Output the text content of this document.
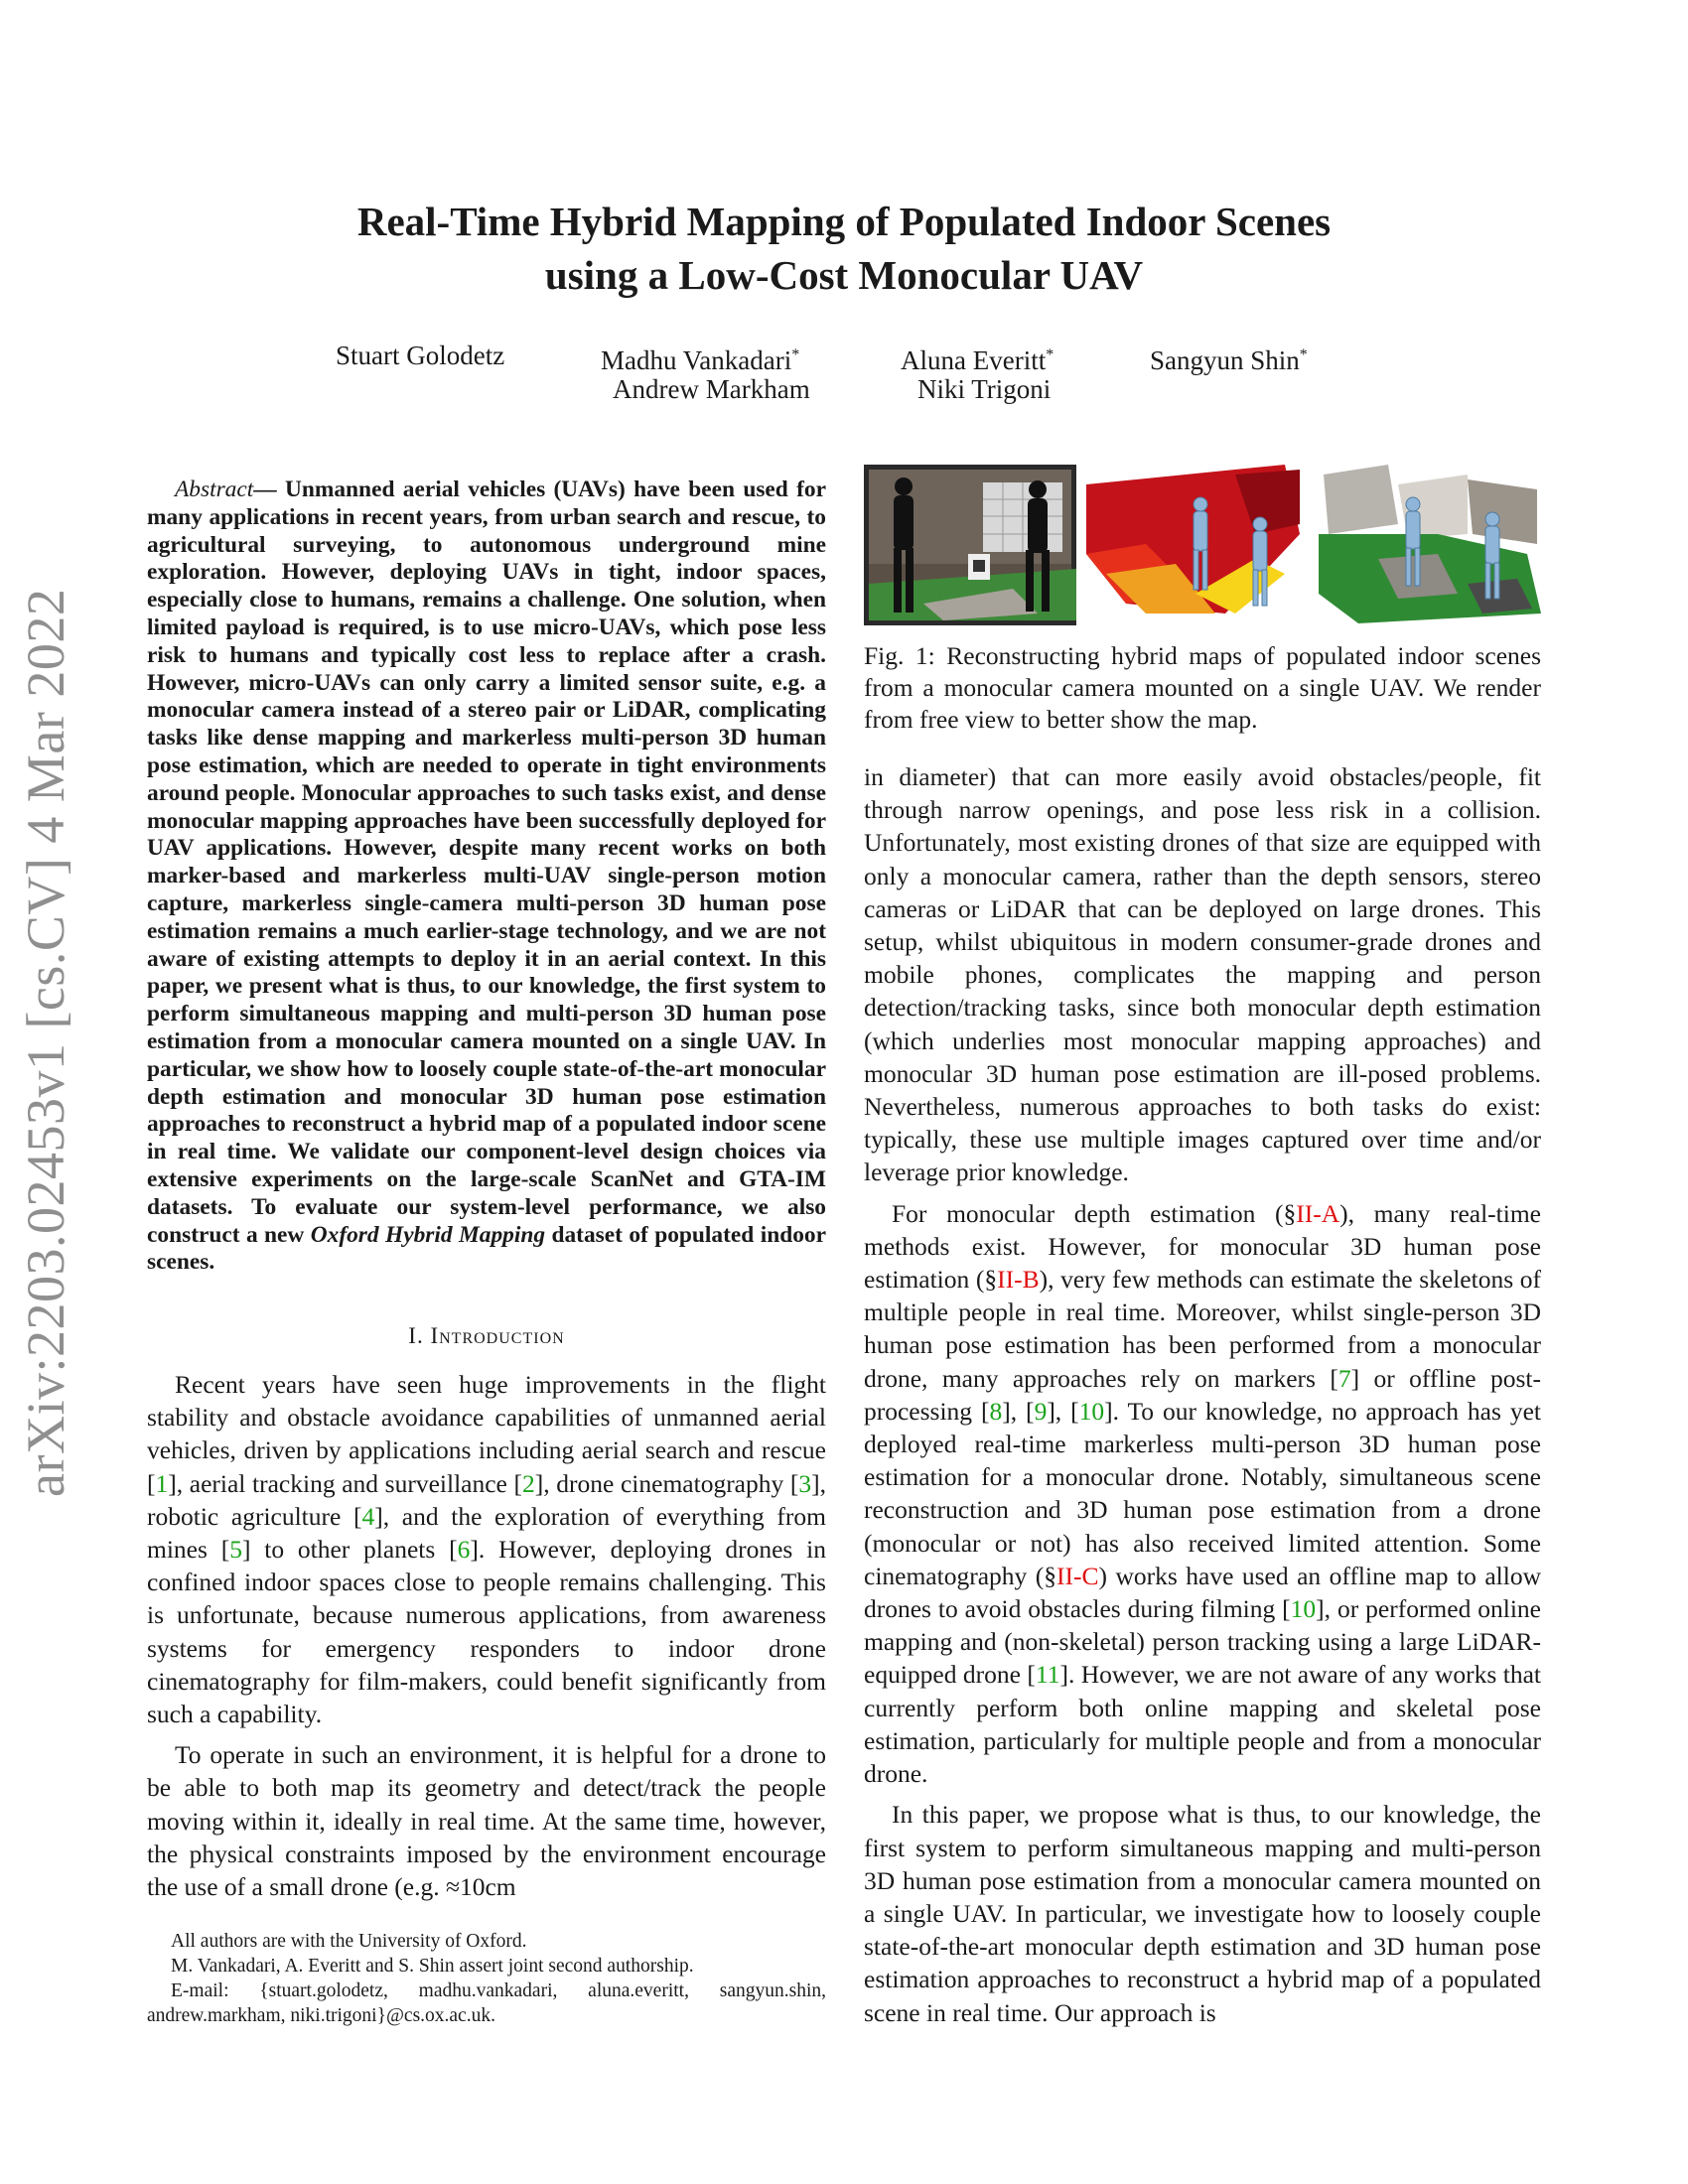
arXiv:2203.02453v1 [cs.CV] 4 Mar 2022
Real-Time Hybrid Mapping of Populated Indoor Scenes
using a Low-Cost Monocular UAV
Stuart Golodetz	Madhu Vankadari*	Aluna Everitt*	Sangyun Shin*
Andrew Markham	Niki Trigoni
Abstract— Unmanned aerial vehicles (UAVs) have been used for many applications in recent years, from urban search and rescue, to agricultural surveying, to autonomous underground mine exploration. However, deploying UAVs in tight, indoor spaces, especially close to humans, remains a challenge. One solution, when limited payload is required, is to use micro-UAVs, which pose less risk to humans and typically cost less to replace after a crash. However, micro-UAVs can only carry a limited sensor suite, e.g. a monocular camera instead of a stereo pair or LiDAR, complicating tasks like dense mapping and markerless multi-person 3D human pose estimation, which are needed to operate in tight environments around people. Monocular approaches to such tasks exist, and dense monocular mapping approaches have been successfully deployed for UAV applications. However, despite many recent works on both marker-based and markerless multi-UAV single-person motion capture, markerless single-camera multi-person 3D human pose estimation remains a much earlier-stage technology, and we are not aware of existing attempts to deploy it in an aerial context. In this paper, we present what is thus, to our knowledge, the first system to perform simultaneous mapping and multi-person 3D human pose estimation from a monocular camera mounted on a single UAV. In particular, we show how to loosely couple state-of-the-art monocular depth estimation and monocular 3D human pose estimation approaches to reconstruct a hybrid map of a populated indoor scene in real time. We validate our component-level design choices via extensive experiments on the large-scale ScanNet and GTA-IM datasets. To evaluate our system-level performance, we also construct a new Oxford Hybrid Mapping dataset of populated indoor scenes.
I. Introduction

Recent years have seen huge improvements in the flight stability and obstacle avoidance capabilities of unmanned aerial vehicles, driven by applications including aerial search and rescue [1], aerial tracking and surveillance [2], drone cinematography [3], robotic agriculture [4], and the exploration of everything from mines [5] to other planets [6]. However, deploying drones in confined indoor spaces close to people remains challenging. This is unfortunate, because numerous applications, from awareness systems for emergency responders to indoor drone cinematography for film-makers, could benefit significantly from such a capability.

To operate in such an environment, it is helpful for a drone to be able to both map its geometry and detect/track the people moving within it, ideally in real time. At the same time, however, the physical constraints imposed by the environment encourage the use of a small drone (e.g. ≈10cm

All authors are with the University of Oxford.

M. Vankadari, A. Everitt and S. Shin assert joint second authorship.

E-mail: {stuart.golodetz, madhu.vankadari, aluna.everitt, sangyun.shin, andrew.markham, niki.trigoni}@cs.ox.ac.uk.

Fig. 1: Reconstructing hybrid maps of populated indoor scenes from a monocular camera mounted on a single UAV. We render from free view to better show the map.

in diameter) that can more easily avoid obstacles/people, fit through narrow openings, and pose less risk in a collision. Unfortunately, most existing drones of that size are equipped with only a monocular camera, rather than the depth sensors, stereo cameras or LiDAR that can be deployed on large drones. This setup, whilst ubiquitous in modern consumer-grade drones and mobile phones, complicates the mapping and person detection/tracking tasks, since both monocular depth estimation (which underlies most monocular mapping approaches) and monocular 3D human pose estimation are ill-posed problems. Nevertheless, numerous approaches to both tasks do exist: typically, these use multiple images captured over time and/or leverage prior knowledge.

For monocular depth estimation (§II-A), many real-time methods exist. However, for monocular 3D human pose estimation (§II-B), very few methods can estimate the skeletons of multiple people in real time. Moreover, whilst single-person 3D human pose estimation has been performed from a monocular drone, many approaches rely on markers [7] or offline post-processing [8], [9], [10]. To our knowledge, no approach has yet deployed real-time markerless multi-person 3D human pose estimation for a monocular drone. Notably, simultaneous scene reconstruction and 3D human pose estimation from a drone (monocular or not) has also received limited attention. Some cinematography (§II-C) works have used an offline map to allow drones to avoid obstacles during filming [10], or performed online mapping and (non-skeletal) person tracking using a large LiDAR-equipped drone [11]. However, we are not aware of any works that currently perform both online mapping and skeletal pose estimation, particularly for multiple people and from a monocular drone.

In this paper, we propose what is thus, to our knowledge, the first system to perform simultaneous mapping and multi-person 3D human pose estimation from a monocular camera mounted on a single UAV. In particular, we investigate how to loosely couple state-of-the-art monocular depth estimation and 3D human pose estimation approaches to reconstruct a hybrid map of a populated scene in real time. Our approach is
